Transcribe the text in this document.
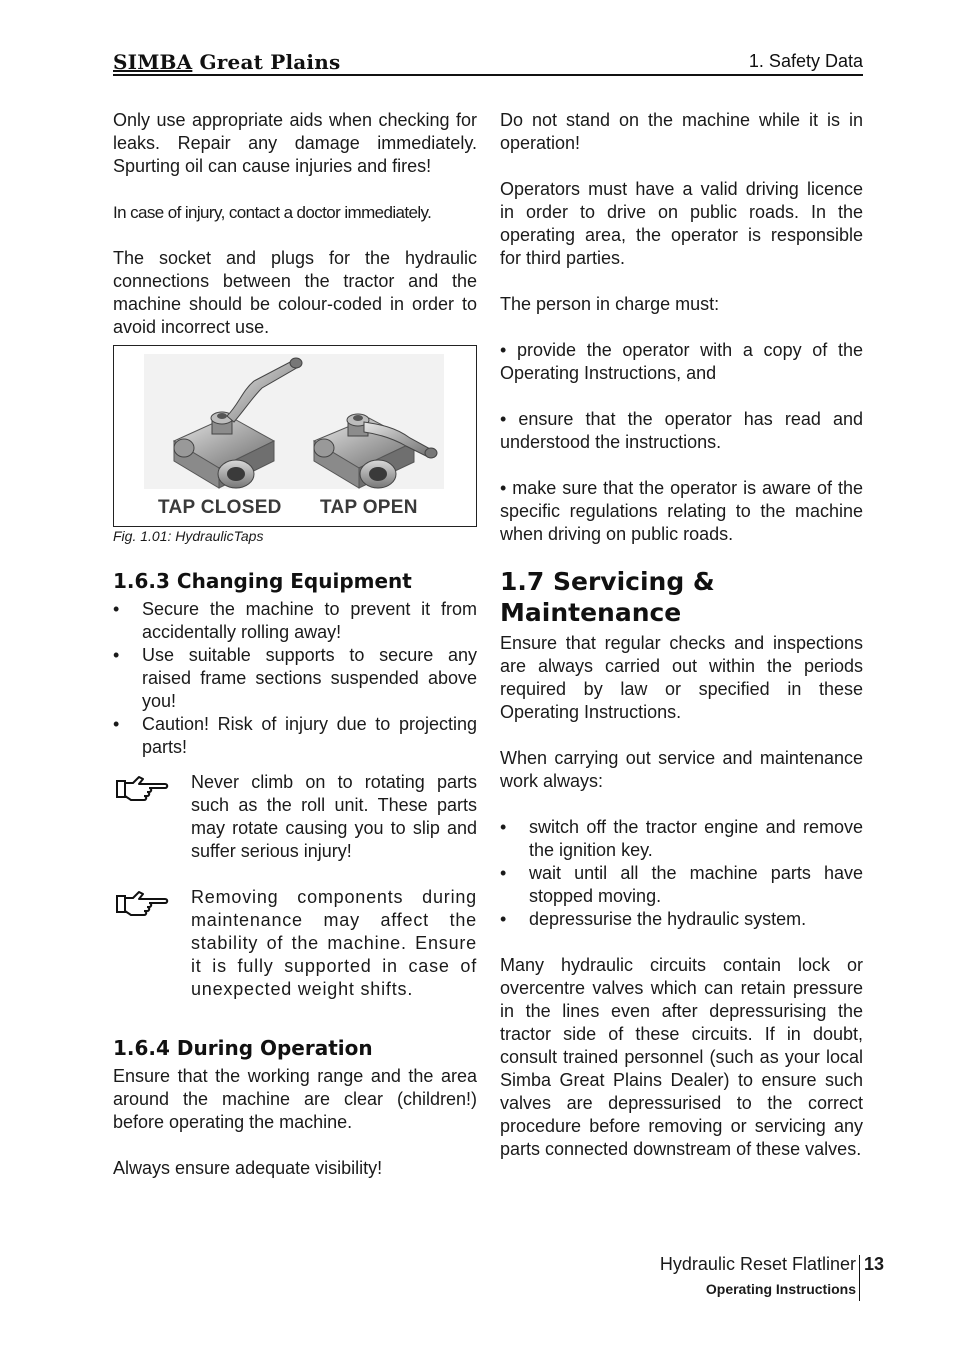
SIMBA Great Plains	1. Safety Data

Only use appropriate aids when checking for leaks. Repair any damage immediately. Spurting oil can cause injuries and fires!

In case of injury, contact a doctor immediately.

The socket and plugs for the hydraulic connections between the tractor and the machine should be colour-coded in order to avoid incorrect use.

TAP CLOSED TAP OPEN

Fig. 1.01: HydraulicTaps

1.6.3 Changing Equipment
• Secure the machine to prevent it from accidentally rolling away!
• Use suitable supports to secure any raised frame sections suspended above you!
• Caution! Risk of injury due to projecting parts!
Never climb on to rotating parts such as the roll unit. These parts may rotate causing you to slip and suffer serious injury!
Removing components during maintenance may affect the stability of the machine. Ensure it is fully supported in case of unexpected weight shifts.
1.6.4 During Operation

Ensure that the working range and the area around the machine are clear (children!) before operating the machine.

Always ensure adequate visibility!

Do not stand on the machine while it is in operation!

Operators must have a valid driving licence in order to drive on public roads. In the operating area, the operator is responsible for third parties.

The person in charge must:

• provide the operator with a copy of the Operating Instructions, and

• ensure that the operator has read and understood the instructions.

• make sure that the operator is aware of the specific regulations relating to the machine when driving on public roads.

1.7 Servicing &
Maintenance

Ensure that regular checks and inspections are always carried out within the periods required by law or specified in these Operating Instructions.

When carrying out service and maintenance work always:

• switch off the tractor engine and remove the ignition key.
• wait until all the machine parts have stopped moving.
• depressurise the hydraulic system.

Many hydraulic circuits contain lock or overcentre valves which can retain pressure in the lines even after depressurising the tractor side of these circuits. If in doubt, consult trained personnel (such as your local Simba Great Plains Dealer) to ensure such valves are depressurised to the correct procedure before removing or servicing any parts connected downstream of these valves.

Hydraulic Reset Flatliner
Operating Instructions
13
